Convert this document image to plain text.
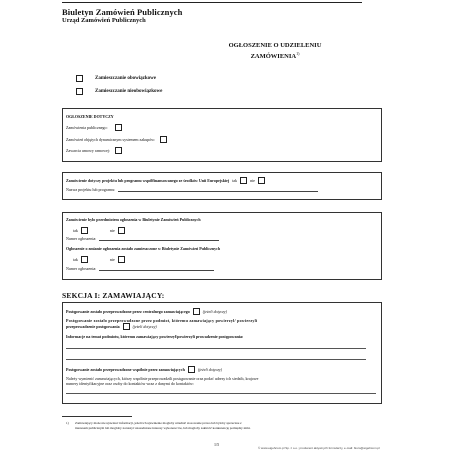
Biuletyn Zamówień Publicznych
Urząd Zamówień Publicznych
OGŁOSZENIE O UDZIELENIU
ZAMÓWIENIA$^{1)}$
Zamieszczanie obowiązkowe
Zamieszczanie nieobowiązkowe
OGŁOSZENIE DOTYCZY
Zamówienia publicznego:
Zamówień objętych dynamicznym systemem zakupów:
Zawarcia umowy ramowej:
Zamówienie dotyczy projektu lub programu współfinansowanego ze środków Unii Europejskiej tak	nie
Nazwa projektu lub programu:
Zamówienie było przedmiotem ogłoszenia w Biuletynie Zamówień Publicznych
tak	nie
Numer ogłoszenia:
Ogłoszenie o zmianie ogłoszenia zostało zamieszczone w Biuletynie Zamówień Publicznych
tak	nie
Numer ogłoszenia:
SEKCJA I: ZAMAWIAJĄCY:
Postępowanie zostało przeprowadzone przez centralnego zamawiającego	(jeżeli dotyczy)
Postępowanie zostało przeprowadzone przez podmiot, któremu zamawiający powierzył/ powierzyli
przeprowadzenie postępowania	(jeżeli dotyczy)
Informacje na temat podmiotu, któremu zamawiający powierzył/powierzyli prowadzenie postępowania:
Postępowanie zostało przeprowadzone wspólnie przez zamawiających	(jeżeli dotyczy)
Należy wymienić zamawiających, którzy wspólnie przeprowadzili postępowanie oraz podać adresy ich siedzib, krajowe
numery identyfikacyjne oraz osoby do kontaktów wraz z danymi do kontaktów:
1) Zamawiający może nie ujawniać informacji, jeżeli ich ujawnienie mogłoby utrudnić stosowanie prawa lub byłoby sprzeczne z
interesem publicznym lub mogłoby naruszyć uzasadnione interesy wykonawców, lub mogłoby zakłócić konkurencję pomiędzy nimi.
1/5
© www.eigehcom.pl Sp. z o.o.; producent aktywnych formularzy, e-mail: biuro@eigehcom.pl
